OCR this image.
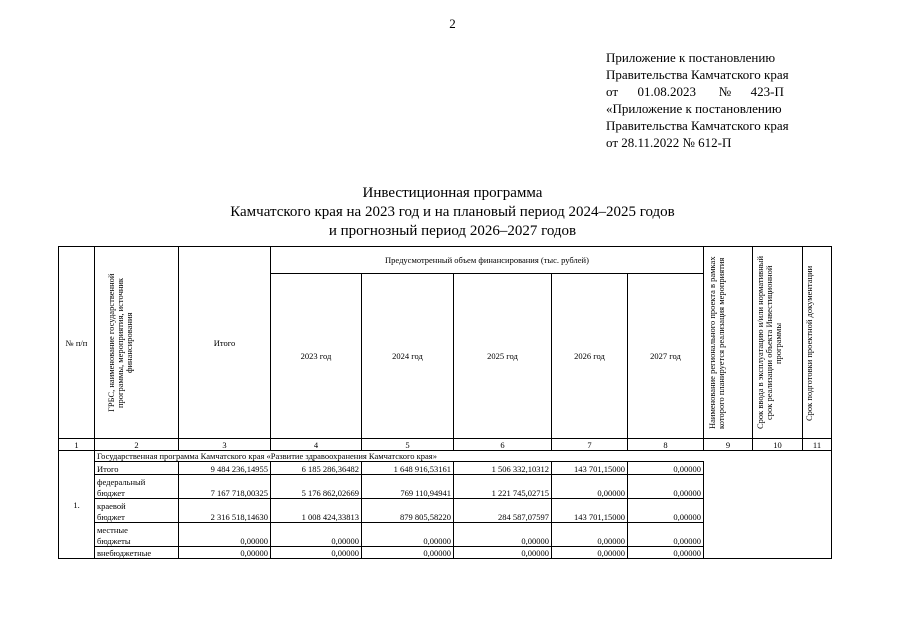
2
Приложение к постановлению
Правительства Камчатского края
от 01.08.2023 № 423-П
«Приложение к постановлению
Правительства Камчатского края
от 28.11.2022 № 612-П
Инвестиционная программа
Камчатского края на 2023 год и на плановый период 2024–2025 годов
и прогнозный период 2026–2027 годов
№ п/п	ГРБС, наименование государственной программы, мероприятия, источник финансирования	Итого	Предусмотренный объем финансирования (тыс. рублей)					Наименование регионального проекта в рамках которого планируется реализация мероприятия	Срок ввода в эксплуатацию и/или нормативный срок реализации объекта Инвестиционной программы	Срок подготовки проектной документации

			2023 год	2024 год	2025 год	2026 год	2027 год			
1	2	3	4	5	6	7	8	9	10	11
1.	Государственная программа Камчатского края «Развитие здравоохранения Камчатского края»									
	Итого	9 484 236,14955	6 185 286,36482	1 648 916,53161	1 506 332,10312	143 701,15000	0,00000			
	федеральный	7 167 718,00325	5 176 862,02669	769 110,94941	1 221 745,02715	0,00000	0,00000			
	бюджет									
	краевой	2 316 518,14630	1 008 424,33813	879 805,58220	284 587,07597	143 701,15000	0,00000			
	бюджет									
	местные	0,00000	0,00000	0,00000	0,00000	0,00000	0,00000			
	бюджеты									
	внебюджетные	0,00000	0,00000	0,00000	0,00000	0,00000	0,00000			
